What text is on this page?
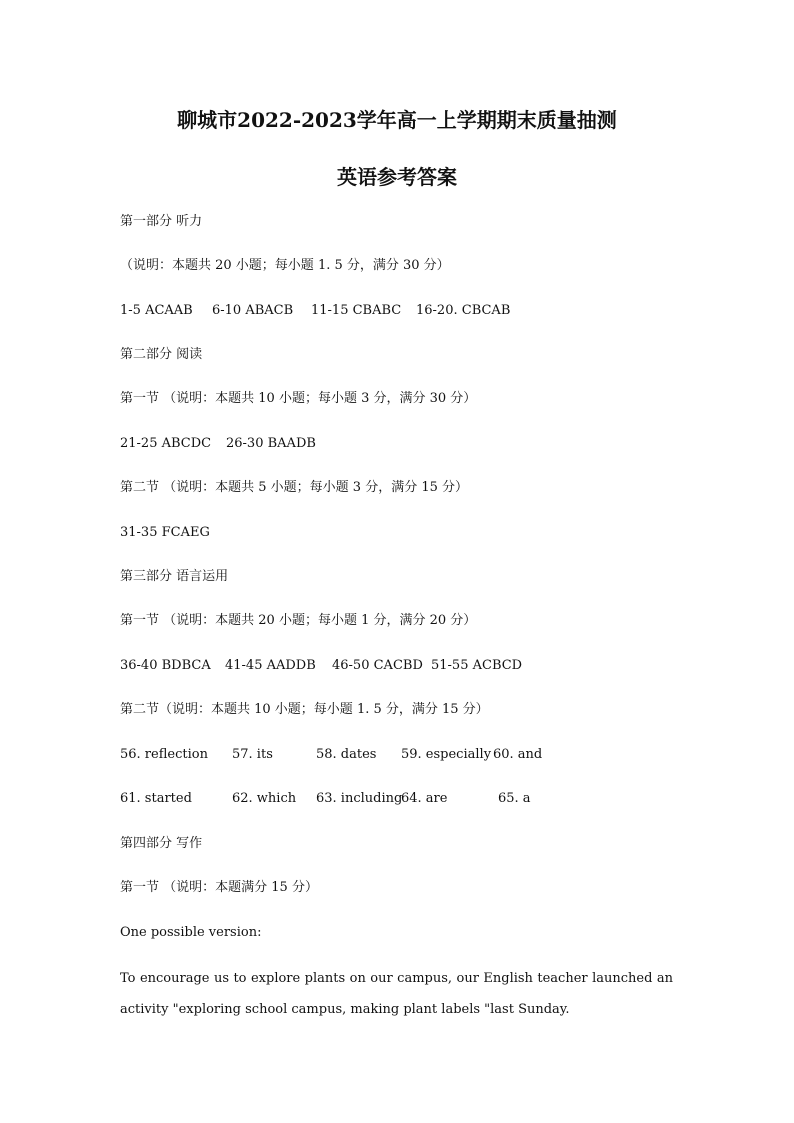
聊城市2022-2023学年高一上学期期末质量抽测
英语参考答案
第一部分 听力
（说明：本题共 20 小题；每小题 1. 5 分，满分 30 分）
1-5 ACAAB 6-10 ABACB 11-15 CBABC 16-20. CBCAB
第二部分 阅读
第一节 （说明：本题共 10 小题；每小题 3 分，满分 30 分）
21-25 ABCDC 26-30 BAADB
第二节 （说明：本题共 5 小题；每小题 3 分，满分 15 分）
31-35 FCAEG
第三部分 语言运用
第一节 （说明：本题共 20 小题；每小题 1 分，满分 20 分）
36-40 BDBCA 41-45 AADDB 46-50 CACBD 51-55 ACBCD
第二节（说明：本题共 10 小题；每小题 1. 5 分，满分 15 分）
56. reflection 57. its	58. dates 59. especially 60. and
61. started	62. which 63. including
64. are	65. a
第四部分 写作
第一节 （说明：本题满分 15 分）
One possible version:
To encourage us to explore plants on our campus, our English teacher launched an activity "exploring school campus, making plant labels "last Sunday.
